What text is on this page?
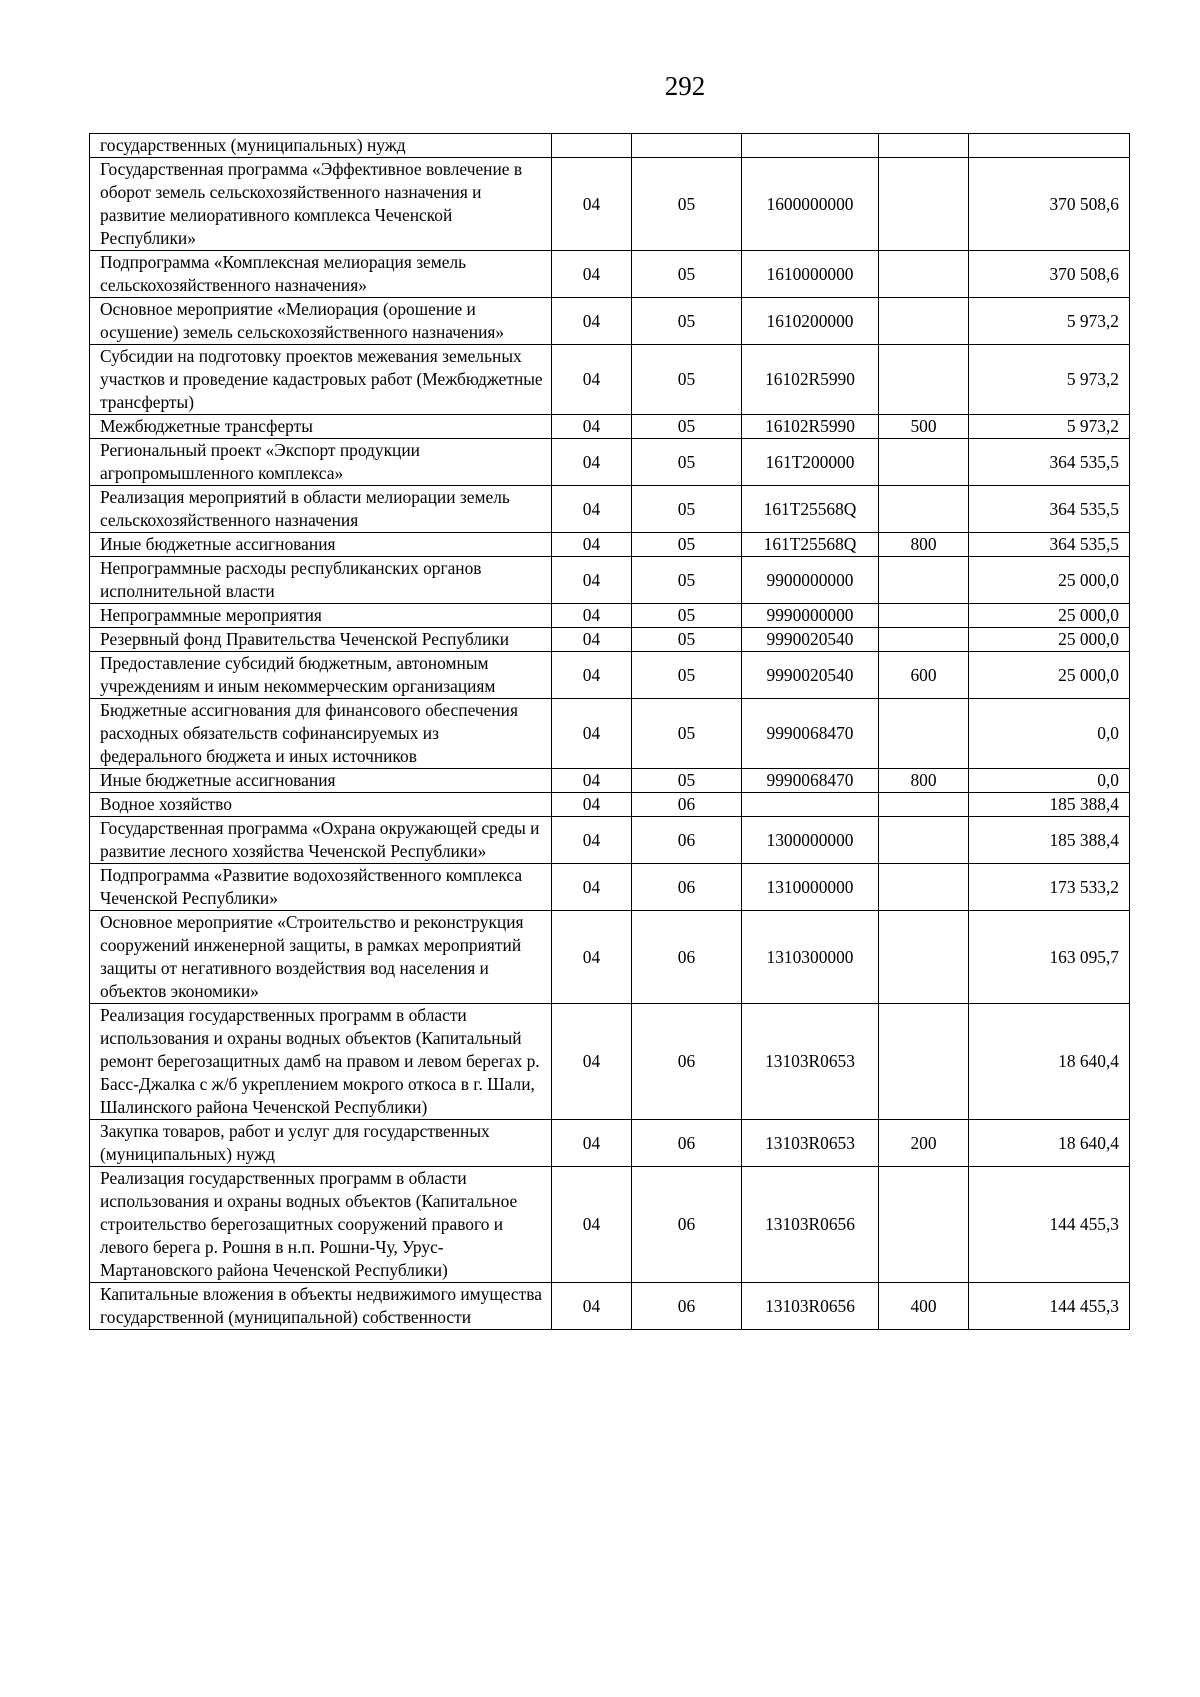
292
государственных (муниципальных) нужд					
Государственная программа «Эффективное вовлечение в оборот земель сельскохозяйственного назначения и развитие мелиоративного комплекса Чеченской Республики»	04	05	1600000000		370 508,6
Подпрограмма «Комплексная мелиорация земель сельскохозяйственного назначения»	04	05	1610000000		370 508,6
Основное мероприятие «Мелиорация (орошение и осушение) земель сельскохозяйственного назначения»	04	05	1610200000		5 973,2
Субсидии на подготовку проектов межевания земельных участков и проведение кадастровых работ (Межбюджетные трансферты)	04	05	16102R5990		5 973,2
Межбюджетные трансферты	04	05	16102R5990	500	5 973,2
Региональный проект «Экспорт продукции агропромышленного комплекса»	04	05	161T200000		364 535,5
Реализация мероприятий в области мелиорации земель сельскохозяйственного назначения	04	05	161T25568Q		364 535,5
Иные бюджетные ассигнования	04	05	161T25568Q	800	364 535,5
Непрограммные расходы республиканских органов исполнительной власти	04	05	9900000000		25 000,0
Непрограммные мероприятия	04	05	9990000000		25 000,0
Резервный фонд Правительства Чеченской Республики	04	05	9990020540		25 000,0
Предоставление субсидий бюджетным, автономным учреждениям и иным некоммерческим организациям	04	05	9990020540	600	25 000,0
Бюджетные ассигнования для финансового обеспечения расходных обязательств софинансируемых из федерального бюджета и иных источников	04	05	9990068470		0,0
Иные бюджетные ассигнования	04	05	9990068470	800	0,0
Водное хозяйство	04	06			185 388,4
Государственная программа «Охрана окружающей среды и развитие лесного хозяйства Чеченской Республики»	04	06	1300000000		185 388,4
Подпрограмма «Развитие водохозяйственного комплекса Чеченской Республики»	04	06	1310000000		173 533,2
Основное мероприятие «Строительство и реконструкция сооружений инженерной защиты, в рамках мероприятий защиты от негативного воздействия вод населения и объектов экономики»	04	06	1310300000		163 095,7
Реализация государственных программ в области использования и охраны водных объектов (Капитальный ремонт берегозащитных дамб на правом и левом берегах р. Басс-Джалка с ж/б укреплением мокрого откоса в г. Шали, Шалинского района Чеченской Республики)	04	06	13103R0653		18 640,4
Закупка товаров, работ и услуг для государственных (муниципальных) нужд	04	06	13103R0653	200	18 640,4
Реализация государственных программ в области использования и охраны водных объектов (Капитальное строительство берегозащитных сооружений правого и левого берега р. Рошня в н.п. Рошни-Чу, Урус-Мартановского района Чеченской Республики)	04	06	13103R0656		144 455,3
Капитальные вложения в объекты недвижимого имущества государственной (муниципальной) собственности	04	06	13103R0656	400	144 455,3
